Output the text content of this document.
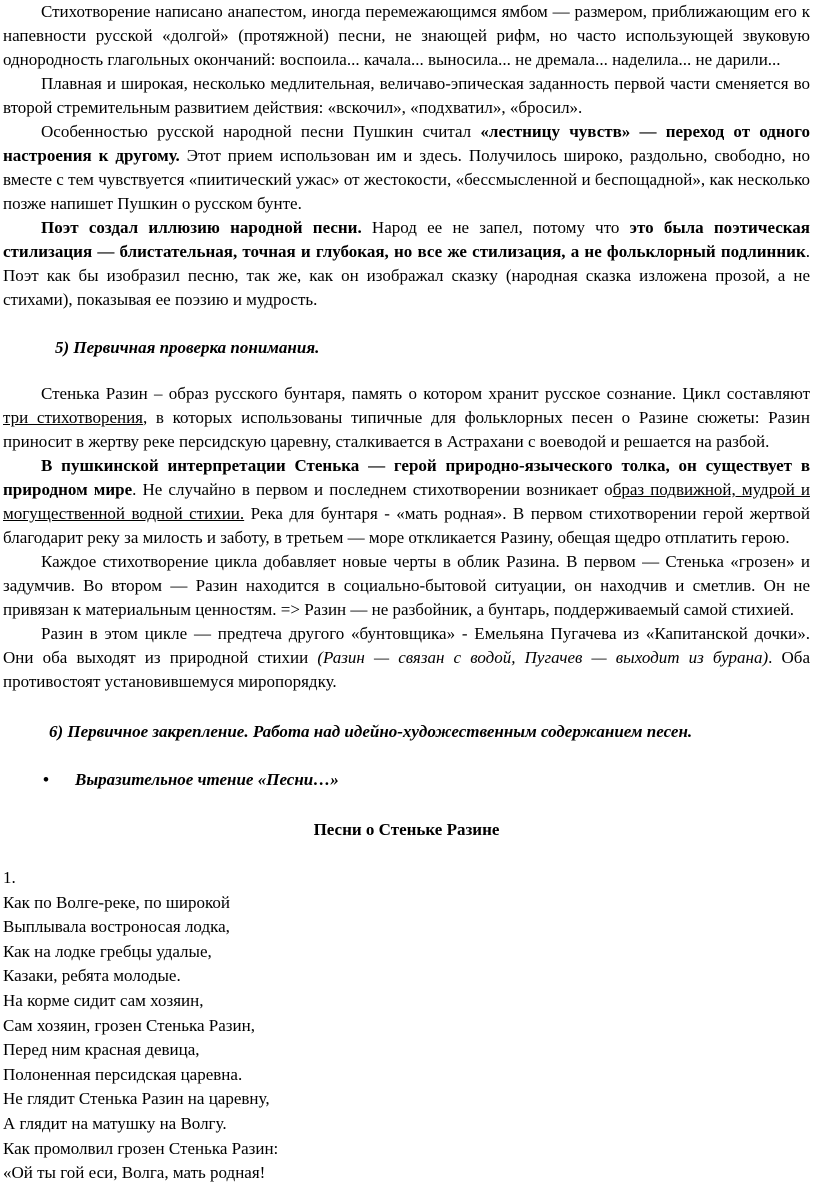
Стихотворение написано анапестом, иногда перемежающимся ямбом — размером, приближающим его к напевности русской «долгой» (протяжной) песни, не знающей рифм, но часто использующей звуковую однородность глагольных окончаний: воспоила... качала... выносила... не дремала... наделила... не дарили...

Плавная и широкая, несколько медлительная, величаво-эпическая заданность первой части сменяется во второй стремительным развитием действия: «вскочил», «подхватил», «бросил».

Особенностью русской народной песни Пушкин считал «лестницу чувств» — переход от одного настроения к другому. Этот прием использован им и здесь. Получилось широко, раздольно, свободно, но вместе с тем чувствуется «пиитический ужас» от жестокости, «бессмысленной и беспощадной», как несколько позже напишет Пушкин о русском бунте.

Поэт создал иллюзию народной песни. Народ ее не запел, потому что это была поэтическая стилизация — блистательная, точная и глубокая, но все же стилизация, а не фольклорный подлинник. Поэт как бы изобразил песню, так же, как он изображал сказку (народная сказка изложена прозой, а не стихами), показывая ее поэзию и мудрость.

5) Первичная проверка понимания.

Стенька Разин – образ русского бунтаря, память о котором хранит русское сознание. Цикл составляют три стихотворения, в которых использованы типичные для фольклорных песен о Разине сюжеты: Разин приносит в жертву реке персидскую царевну, сталкивается в Астрахани с воеводой и решается на разбой.

В пушкинской интерпретации Стенька — герой природно-языческого толка, он существует в природном мире. Не случайно в первом и последнем стихотворении возникает образ подвижной, мудрой и могущественной водной стихии. Река для бунтаря - «мать родная». В первом стихотворении герой жертвой благодарит реку за милость и заботу, в третьем — море откликается Разину, обещая щедро отплатить герою.

Каждое стихотворение цикла добавляет новые черты в облик Разина. В первом — Стенька «грозен» и задумчив. Во втором — Разин находится в социально-бытовой ситуации, он находчив и сметлив. Он не привязан к материальным ценностям. => Разин — не разбойник, а бунтарь, поддерживаемый самой стихией.

Разин в этом цикле — предтеча другого «бунтовщика» - Емельяна Пугачева из «Капитанской дочки». Они оба выходят из природной стихии (Разин — связан с водой, Пугачев — выходит из бурана). Оба противостоят установившемуся миропорядку.

6) Первичное закрепление. Работа над идейно-художественным содержанием песен.

• Выразительное чтение «Песни…»

Песни о Стеньке Разине

1.

Как по Волге-реке, по широкой

Выплывала востроносая лодка,

Как на лодке гребцы удалые,

Казаки, ребята молодые.

На корме сидит сам хозяин,

Сам хозяин, грозен Стенька Разин,

Перед ним красная девица,

Полоненная персидская царевна.

Не глядит Стенька Разин на царевну,

А глядит на матушку на Волгу.

Как промолвил грозен Стенька Разин:

«Ой ты гой еси, Волга, мать родная!
